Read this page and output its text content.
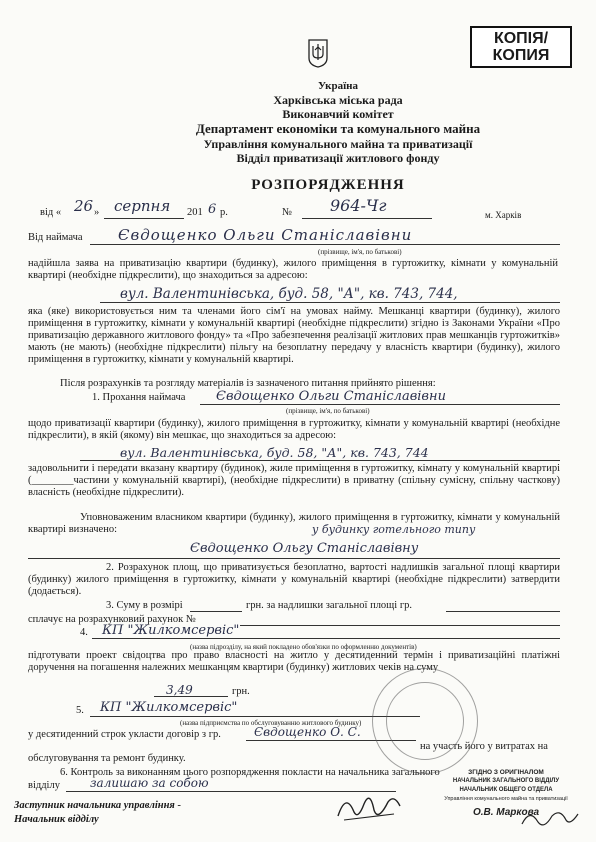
КОПІЯ/
КОПИЯ
Україна
Харківська міська рада
Виконавчий комітет
Департамент економіки та комунального майна
Управління комунального майна та приватизації
Відділ приватизації житлового фонду
РОЗПОРЯДЖЕННЯ
від « 26 » серпня 201 6 р.	№ 964-Чг	м. Харків
Від наймача Євдощенко Ольги Станіславівни
(прізвище, ім'я, по батькові)
надійшла заява на приватизацію квартири (будинку), жилого приміщення в гуртожитку, кімнати у комунальній квартирі (необхідне підкреслити), що знаходиться за адресою:
вул. Валентинівська, буд. 58, "А", кв. 743, 744,
яка (яке) використовується ним та членами його сім'ї на умовах найму. Мешканці квартири (будинку), жилого приміщення в гуртожитку, кімнати у комунальній квартирі (необхідне підкреслити) згідно із Законами України «Про приватизацію державного житлового фонду» та «Про забезпечення реалізації житлових прав мешканців гуртожитків» мають (не мають) (необхідне підкреслити) пільгу на безоплатну передачу у власність квартири (будинку), жилого приміщення в гуртожитку, кімнати у комунальній квартирі.
Після розрахунків та розгляду матеріалів із зазначеного питання прийнято рішення:
1. Прохання наймача Євдощенко Ольги Станіславівни
(прізвище, ім'я, по батькові)
щодо приватизації квартири (будинку), жилого приміщення в гуртожитку, кімнати у комунальній квартирі (необхідне підкреслити), в якій (якому) він мешкає, що знаходиться за адресою:
вул. Валентинівська, буд. 58, "А", кв. 743, 744
задовольнити і передати вказану квартиру (будинок), жиле приміщення в гуртожитку, кімнату у комунальній квартирі (________частини у комунальній квартирі), (необхідне підкреслити) в приватну (спільну сумісну, спільну часткову) власність (необхідне підкреслити).
Уповноваженим власником квартири (будинку), жилого приміщення в гуртожитку, кімнати у комунальній квартирі визначено:	у будинку готельного типу
Євдощенко Ольгу Станіславівну
2. Розрахунок площ, що приватизується безоплатно, вартості надлишків загальної площі квартири (будинку) жилого приміщення в гуртожитку, кімнати у комунальній квартирі (необхідне підкреслити) затвердити (додається).
3. Суму в розмірі	грн. за надлишки загальної площі гр.
сплачує на розрахунковий рахунок №
4. КП "Жилкомсервіс"
(назва підрозділу, на який покладено обов'язки по оформленню документів)
підготувати проект свідоцтва про право власності на житло у десятиденний термін і приватизаційні платіжні доручення на погашення належних мешканцям квартири (будинку) житлових чеків на суму
3,49	грн.
5. КП "Жилкомсервіс"
(назва підприємства по обслуговуванню житлового будинку)
у десятиденний строк укласти договір з гр.	Євдощенко О. С.
на участь його у витратах на обслуговування та ремонт будинку.
6. Контроль за виконанням цього розпорядження покласти на начальника загального
відділу	залишаю за собою
Заступник начальника управління -
Начальник відділу
ЗГІДНО З ОРИГІНАЛОМ
НАЧАЛЬНИК ЗАГАЛЬНОГО ВІДДІЛУ
НАЧАЛЬНИК ОБЩЕГО ОТДЕЛА
Управління комунального майна та приватизації
О.В. Маркова
